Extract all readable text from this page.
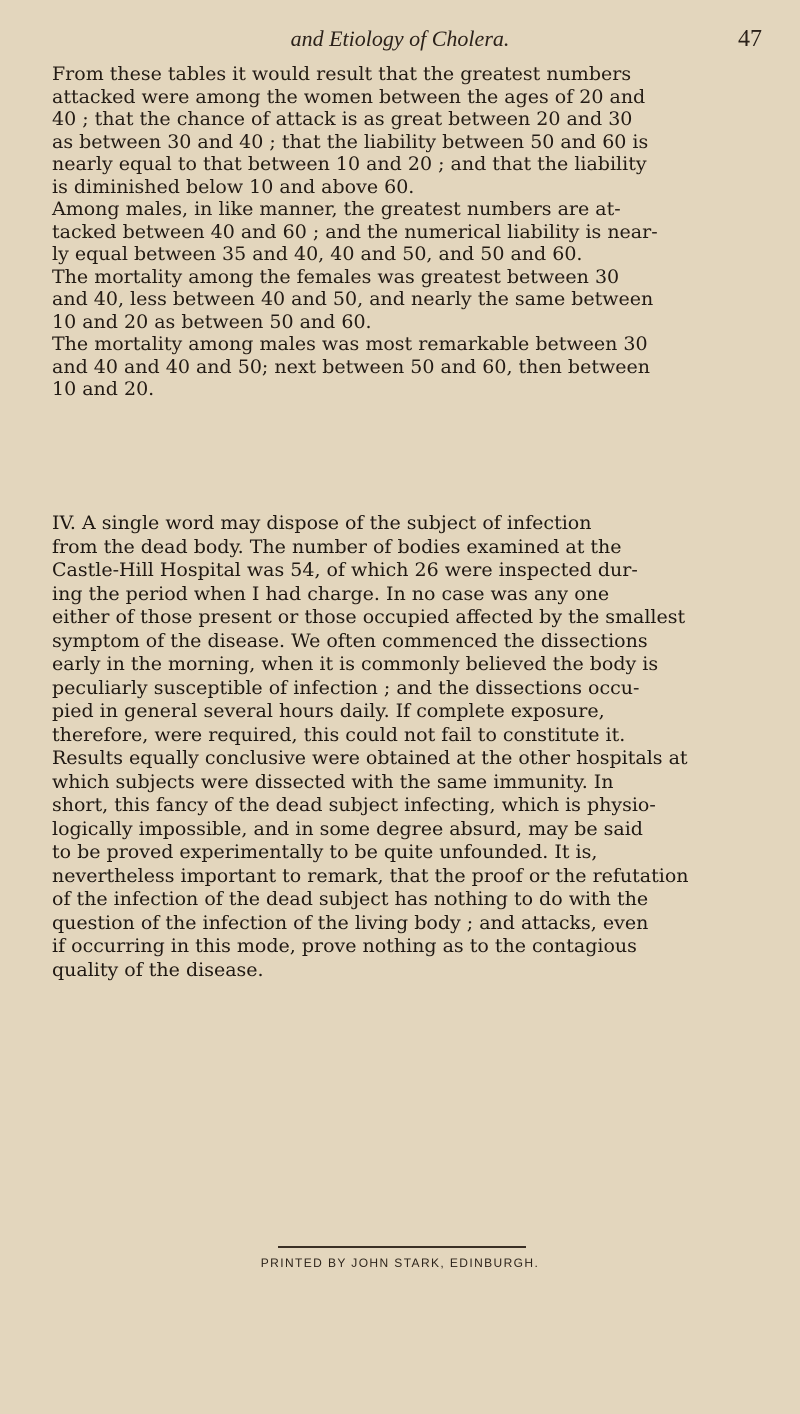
and Etiology of Cholera.	47
From these tables it would result that the greatest numbers
attacked were among the women between the ages of 20 and
40 ; that the chance of attack is as great between 20 and 30
as between 30 and 40 ; that the liability between 50 and 60 is
nearly equal to that between 10 and 20 ; and that the liability
is diminished below 10 and above 60.
Among males, in like manner, the greatest numbers are at-
tacked between 40 and 60 ; and the numerical liability is near-
ly equal between 35 and 40, 40 and 50, and 50 and 60.
The mortality among the females was greatest between 30
and 40, less between 40 and 50, and nearly the same between
10 and 20 as between 50 and 60.
The mortality among males was most remarkable between 30
and 40 and 40 and 50; next between 50 and 60, then between
10 and 20.
IV. A single word may dispose of the subject of infection
from the dead body. The number of bodies examined at the
Castle-Hill Hospital was 54, of which 26 were inspected dur-
ing the period when I had charge. In no case was any one
either of those present or those occupied affected by the smallest
symptom of the disease. We often commenced the dissections
early in the morning, when it is commonly believed the body is
peculiarly susceptible of infection ; and the dissections occu-
pied in general several hours daily. If complete exposure,
therefore, were required, this could not fail to constitute it.
Results equally conclusive were obtained at the other hospitals at
which subjects were dissected with the same immunity. In
short, this fancy of the dead subject infecting, which is physio-
logically impossible, and in some degree absurd, may be said
to be proved experimentally to be quite unfounded. It is,
nevertheless important to remark, that the proof or the refutation
of the infection of the dead subject has nothing to do with the
question of the infection of the living body ; and attacks, even
if occurring in this mode, prove nothing as to the contagious
quality of the disease.
PRINTED BY JOHN STARK, EDINBURGH.
